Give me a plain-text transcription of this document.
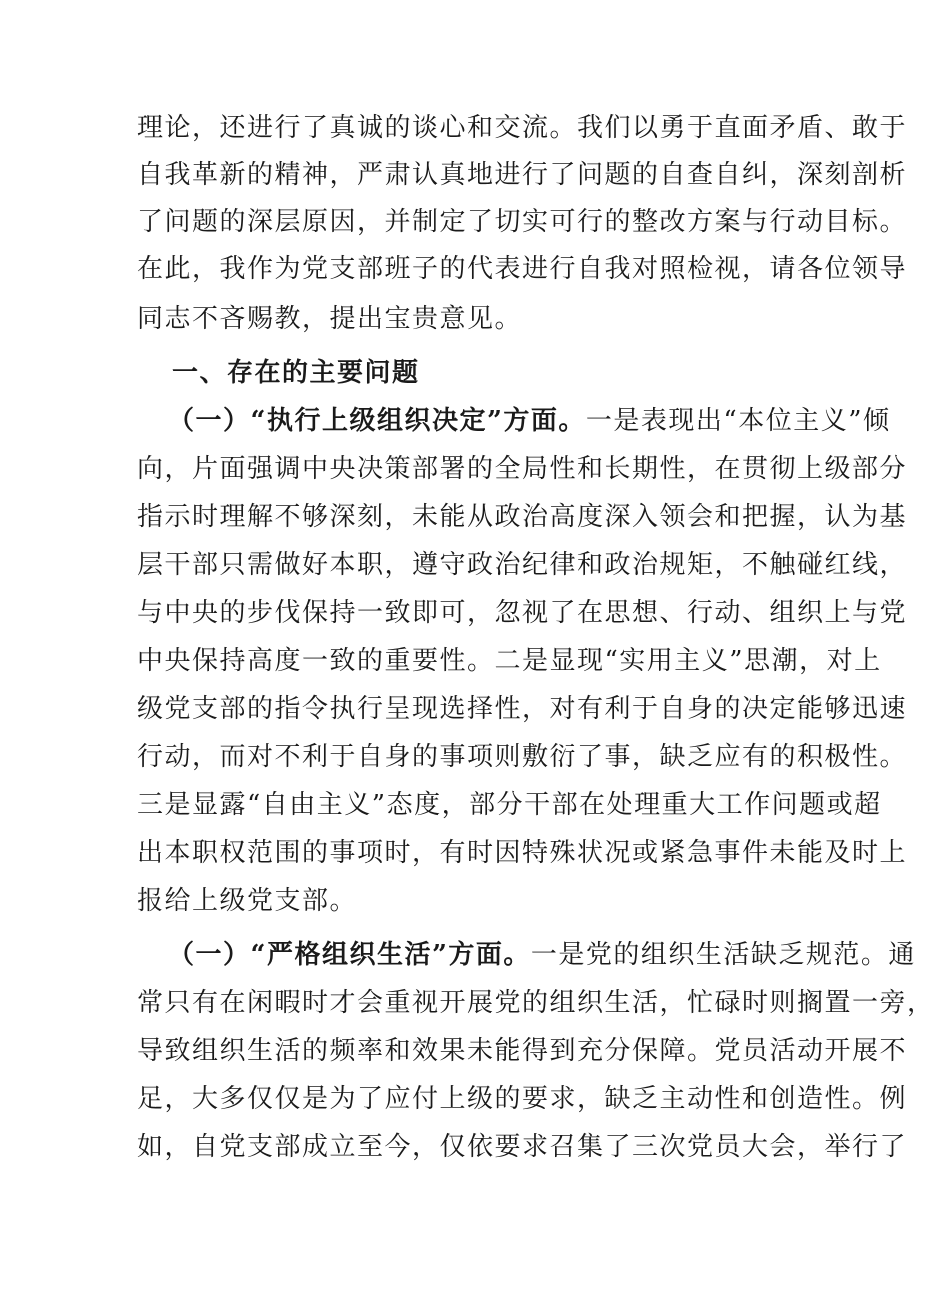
理论，还进行了真诚的谈心和交流。我们以勇于直面矛盾、敢于
自我革新的精神，严肃认真地进行了问题的自查自纠，深刻剖析
了问题的深层原因，并制定了切实可行的整改方案与行动目标。
在此，我作为党支部班子的代表进行自我对照检视，请各位领导
同志不吝赐教，提出宝贵意见。
一、存在的主要问题
（一）“执行上级组织决定”方面。一是表现出“本位主义”倾
向，片面强调中央决策部署的全局性和长期性，在贯彻上级部分
指示时理解不够深刻，未能从政治高度深入领会和把握，认为基
层干部只需做好本职，遵守政治纪律和政治规矩，不触碰红线，
与中央的步伐保持一致即可，忽视了在思想、行动、组织上与党
中央保持高度一致的重要性。二是显现“实用主义”思潮，对上
级党支部的指令执行呈现选择性，对有利于自身的决定能够迅速
行动，而对不利于自身的事项则敷衍了事，缺乏应有的积极性。
三是显露“自由主义”态度，部分干部在处理重大工作问题或超
出本职权范围的事项时，有时因特殊状况或紧急事件未能及时上
报给上级党支部。
（一）“严格组织生活”方面。一是党的组织生活缺乏规范。通
常只有在闲暇时才会重视开展党的组织生活，忙碌时则搁置一旁，
导致组织生活的频率和效果未能得到充分保障。党员活动开展不
足，大多仅仅是为了应付上级的要求，缺乏主动性和创造性。例
如，自党支部成立至今，仅依要求召集了三次党员大会，举行了
